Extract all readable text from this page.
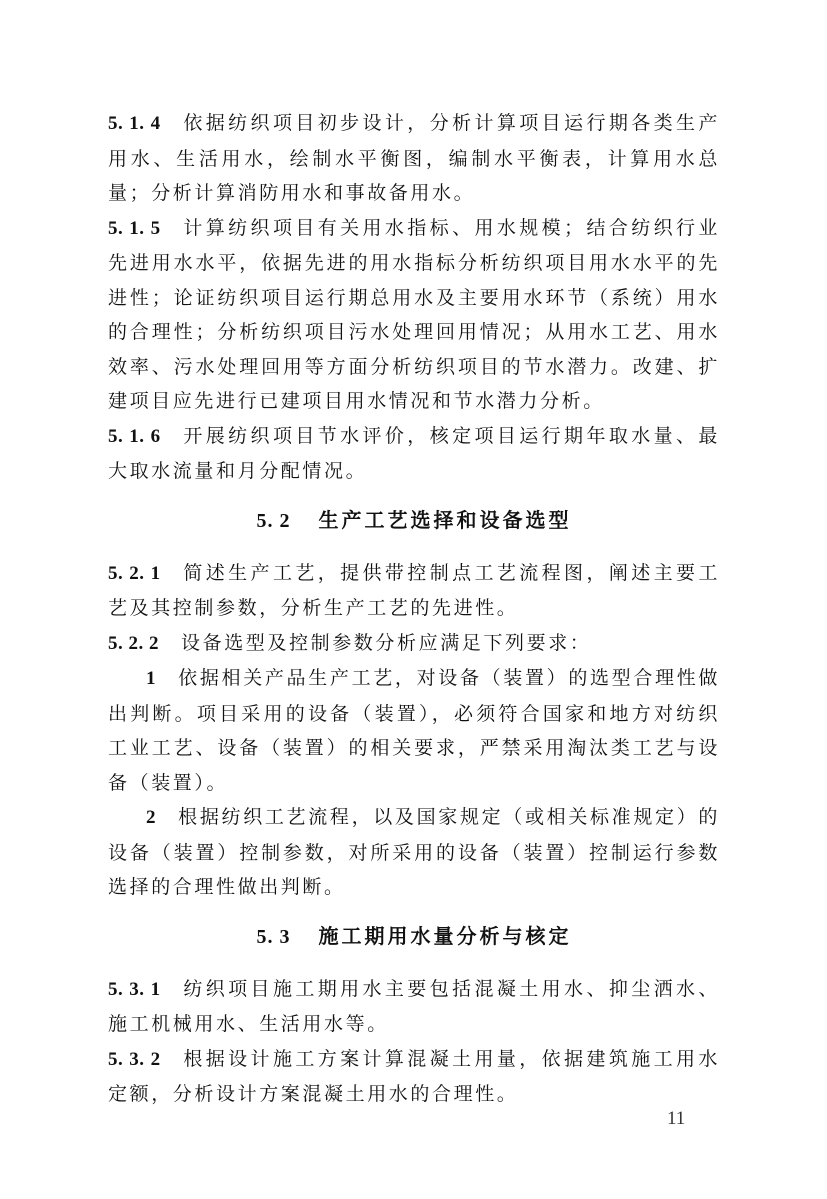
5. 1. 4 依据纺织项目初步设计，分析计算项目运行期各类生产用水、生活用水，绘制水平衡图，编制水平衡表，计算用水总量；分析计算消防用水和事故备用水。

5. 1. 5 计算纺织项目有关用水指标、用水规模；结合纺织行业先进用水水平，依据先进的用水指标分析纺织项目用水水平的先进性；论证纺织项目运行期总用水及主要用水环节（系统）用水的合理性；分析纺织项目污水处理回用情况；从用水工艺、用水效率、污水处理回用等方面分析纺织项目的节水潜力。改建、扩建项目应先进行已建项目用水情况和节水潜力分析。

5. 1. 6 开展纺织项目节水评价，核定项目运行期年取水量、最大取水流量和月分配情况。

5. 2 生产工艺选择和设备选型

5. 2. 1 简述生产工艺，提供带控制点工艺流程图，阐述主要工艺及其控制参数，分析生产工艺的先进性。

5. 2. 2 设备选型及控制参数分析应满足下列要求：

1 依据相关产品生产工艺，对设备（装置）的选型合理性做出判断。项目采用的设备（装置），必须符合国家和地方对纺织工业工艺、设备（装置）的相关要求，严禁采用淘汰类工艺与设备（装置）。

2 根据纺织工艺流程，以及国家规定（或相关标准规定）的设备（装置）控制参数，对所采用的设备（装置）控制运行参数选择的合理性做出判断。

5. 3 施工期用水量分析与核定

5. 3. 1 纺织项目施工期用水主要包括混凝土用水、抑尘洒水、施工机械用水、生活用水等。

5. 3. 2 根据设计施工方案计算混凝土用量，依据建筑施工用水定额，分析设计方案混凝土用水的合理性。

11
